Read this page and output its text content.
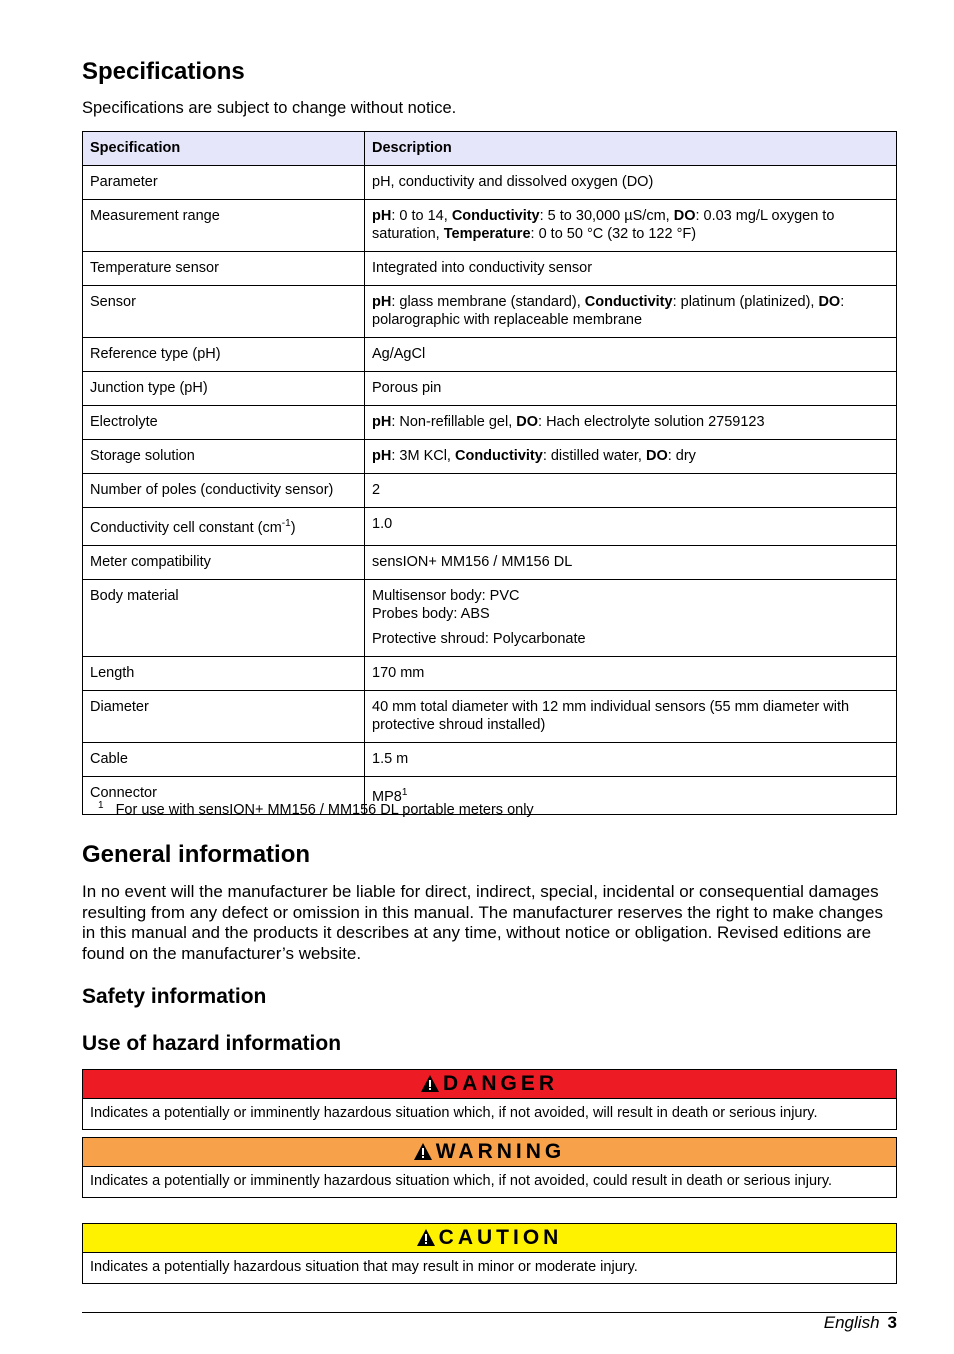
Specifications
Specifications are subject to change without notice.
Specification	Description
Parameter	pH, conductivity and dissolved oxygen (DO)
Measurement range	pH: 0 to 14, Conductivity: 5 to 30,000 µS/cm, DO: 0.03 mg/L oxygen to saturation, Temperature: 0 to 50 °C (32 to 122 °F)
Temperature sensor	Integrated into conductivity sensor
Sensor	pH: glass membrane (standard), Conductivity: platinum (platinized), DO: polarographic with replaceable membrane
Reference type (pH)	Ag/AgCl
Junction type (pH)	Porous pin
Electrolyte	pH: Non-refillable gel, DO: Hach electrolyte solution 2759123
Storage solution	pH: 3M KCl, Conductivity: distilled water, DO: dry
Number of poles (conductivity sensor)	2
Conductivity cell constant $(cm^{-1})$	1.0
Meter compatibility	sensION+ MM156 / MM156 DL
Body material	Multisensor body: PVC
Probes body: ABS
Protective shroud: Polycarbonate

Length	170 mm
Diameter	40 mm total diameter with 12 mm individual sensors (55 mm diameter with protective shroud installed)
Cable	1.5 m
Connector	$MP8^1$
$^1$ For use with sensION+ MM156 / MM156 DL portable meters only
General information
In no event will the manufacturer be liable for direct, indirect, special, incidental or consequential damages resulting from any defect or omission in this manual. The manufacturer reserves the right to make changes in this manual and the products it describes at any time, without notice or obligation. Revised editions are found on the manufacturer’s website.
Safety information
Use of hazard information
DANGER
Indicates a potentially or imminently hazardous situation which, if not avoided, will result in death or serious injury.
WARNING
Indicates a potentially or imminently hazardous situation which, if not avoided, could result in death or serious injury.
CAUTION
Indicates a potentially hazardous situation that may result in minor or moderate injury.
English 3
